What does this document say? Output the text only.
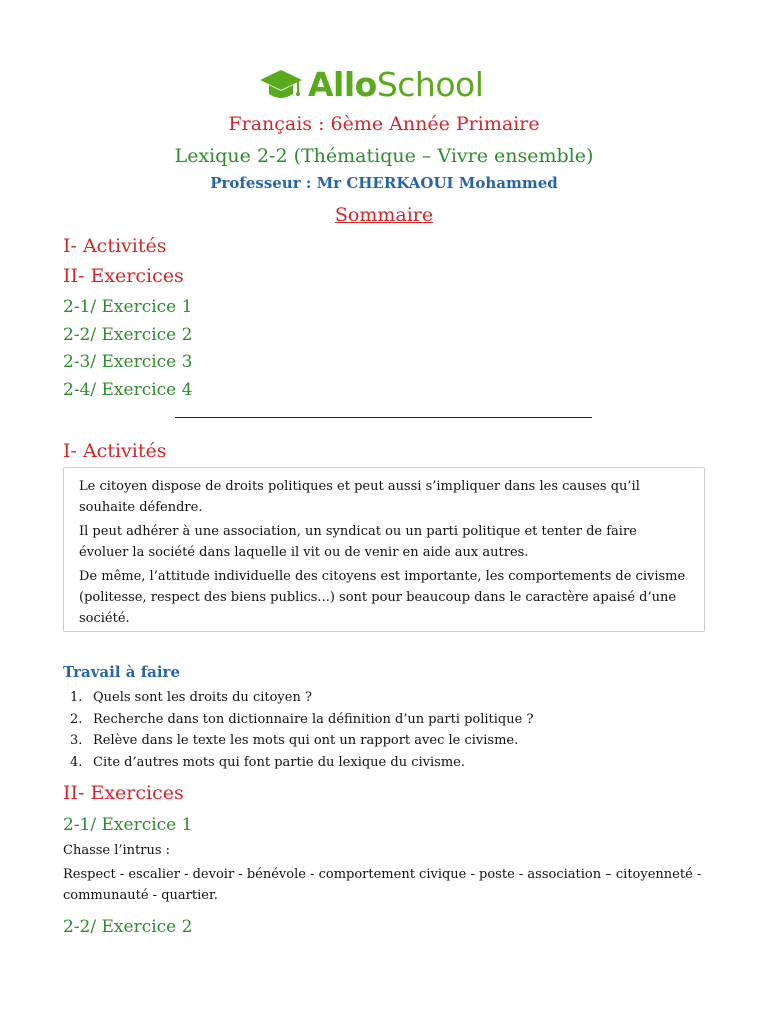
AlloSchool
Français : 6ème Année Primaire
Lexique 2-2 (Thématique – Vivre ensemble)
Professeur : Mr CHERKAOUI Mohammed
Sommaire
I- Activités
II- Exercices
2-1/ Exercice 1
2-2/ Exercice 2
2-3/ Exercice 3
2-4/ Exercice 4
I- Activités

Le citoyen dispose de droits politiques et peut aussi s’impliquer dans les causes qu’il souhaite défendre.

Il peut adhérer à une association, un syndicat ou un parti politique et tenter de faire évoluer la société dans laquelle il vit ou de venir en aide aux autres.

De même, l’attitude individuelle des citoyens est importante, les comportements de civisme (politesse, respect des biens publics...) sont pour beaucoup dans le caractère apaisé d’une société.

Travail à faire
1. Quels sont les droits du citoyen ?
2. Recherche dans ton dictionnaire la définition d’un parti politique ?
3. Relève dans le texte les mots qui ont un rapport avec le civisme.
4. Cite d’autres mots qui font partie du lexique du civisme.
II- Exercices
2-1/ Exercice 1
Chasse l’intrus :
Respect - escalier - devoir - bénévole - comportement civique - poste - association – citoyenneté - communauté - quartier.
2-2/ Exercice 2
